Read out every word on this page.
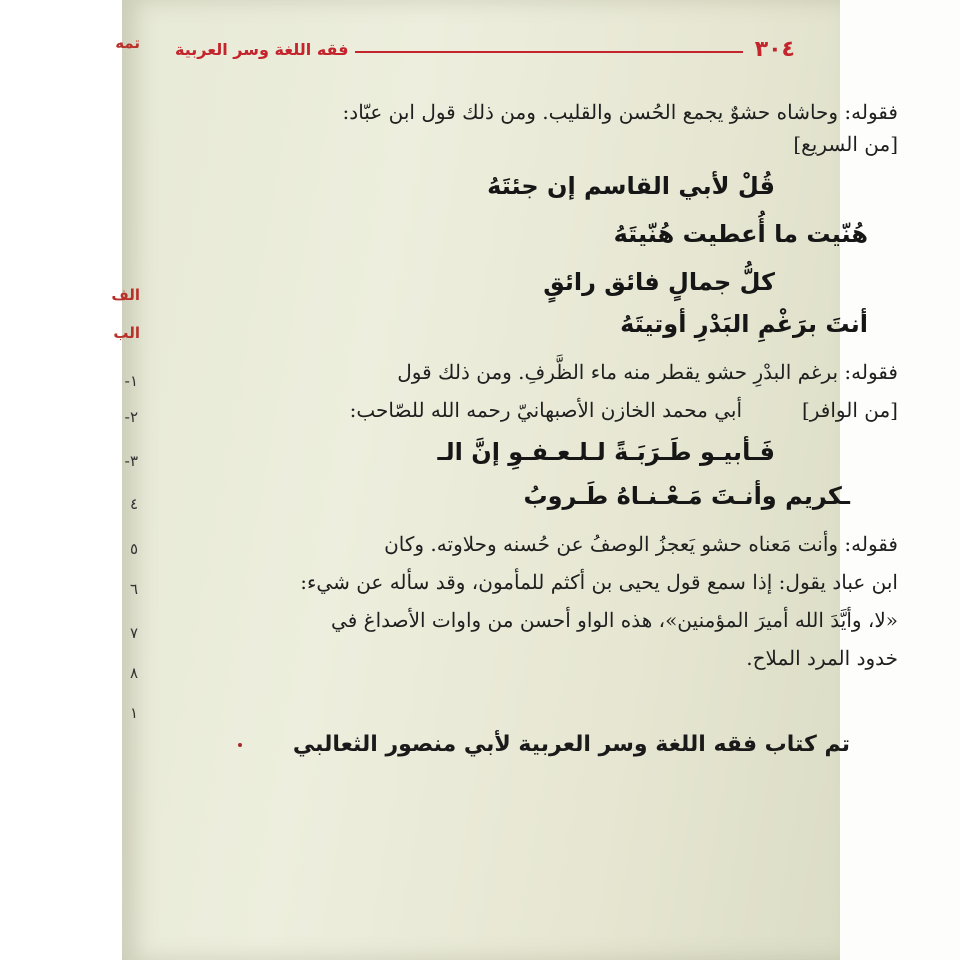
تمه
الف
الب
-١
-٢
-٣
٤
٥
٦
٧
٨
١
٣٠٤
فقه اللغة وسر العربية
فقوله: وحاشاه حشوٌ يجمع الحُسن والقليب. ومن ذلك قول ابن عبّاد:
[من السريع]
قُلْ لأبي القاسم إن جئتَهُ
هُنّيت ما أُعطيت هُنّيتَهُ
كلُّ جمالٍ فائق رائقٍ
أنتَ برَغْمِ البَدْرِ أوتيتَهُ
فقوله: برغم البدْرِ حشو يقطر منه ماء الظَّرفِ. ومن ذلك قول
أبي محمد الخازن الأصبهانيّ رحمه الله للصّاحب:	[من الوافر]
فَـأبيـو طَـرَبَـةً لـلـعـفـوِ إنَّ الـ
ـكريم وأنـتَ مَـعْـنـاهُ طَـروبُ
فقوله: وأنت مَعناه حشو يَعجزُ الوصفُ عن حُسنه وحلاوته. وكان
ابن عباد يقول: إذا سمع قول يحيى بن أكثم للمأمون، وقد سأله عن شيء:
«لا، وأيَّدَ الله أميرَ المؤمنين»، هذه الواو أحسن من واوات الأصداغ في
خدود المرد الملاح.
تم كتاب فقه اللغة وسر العربية لأبي منصور الثعالبي
